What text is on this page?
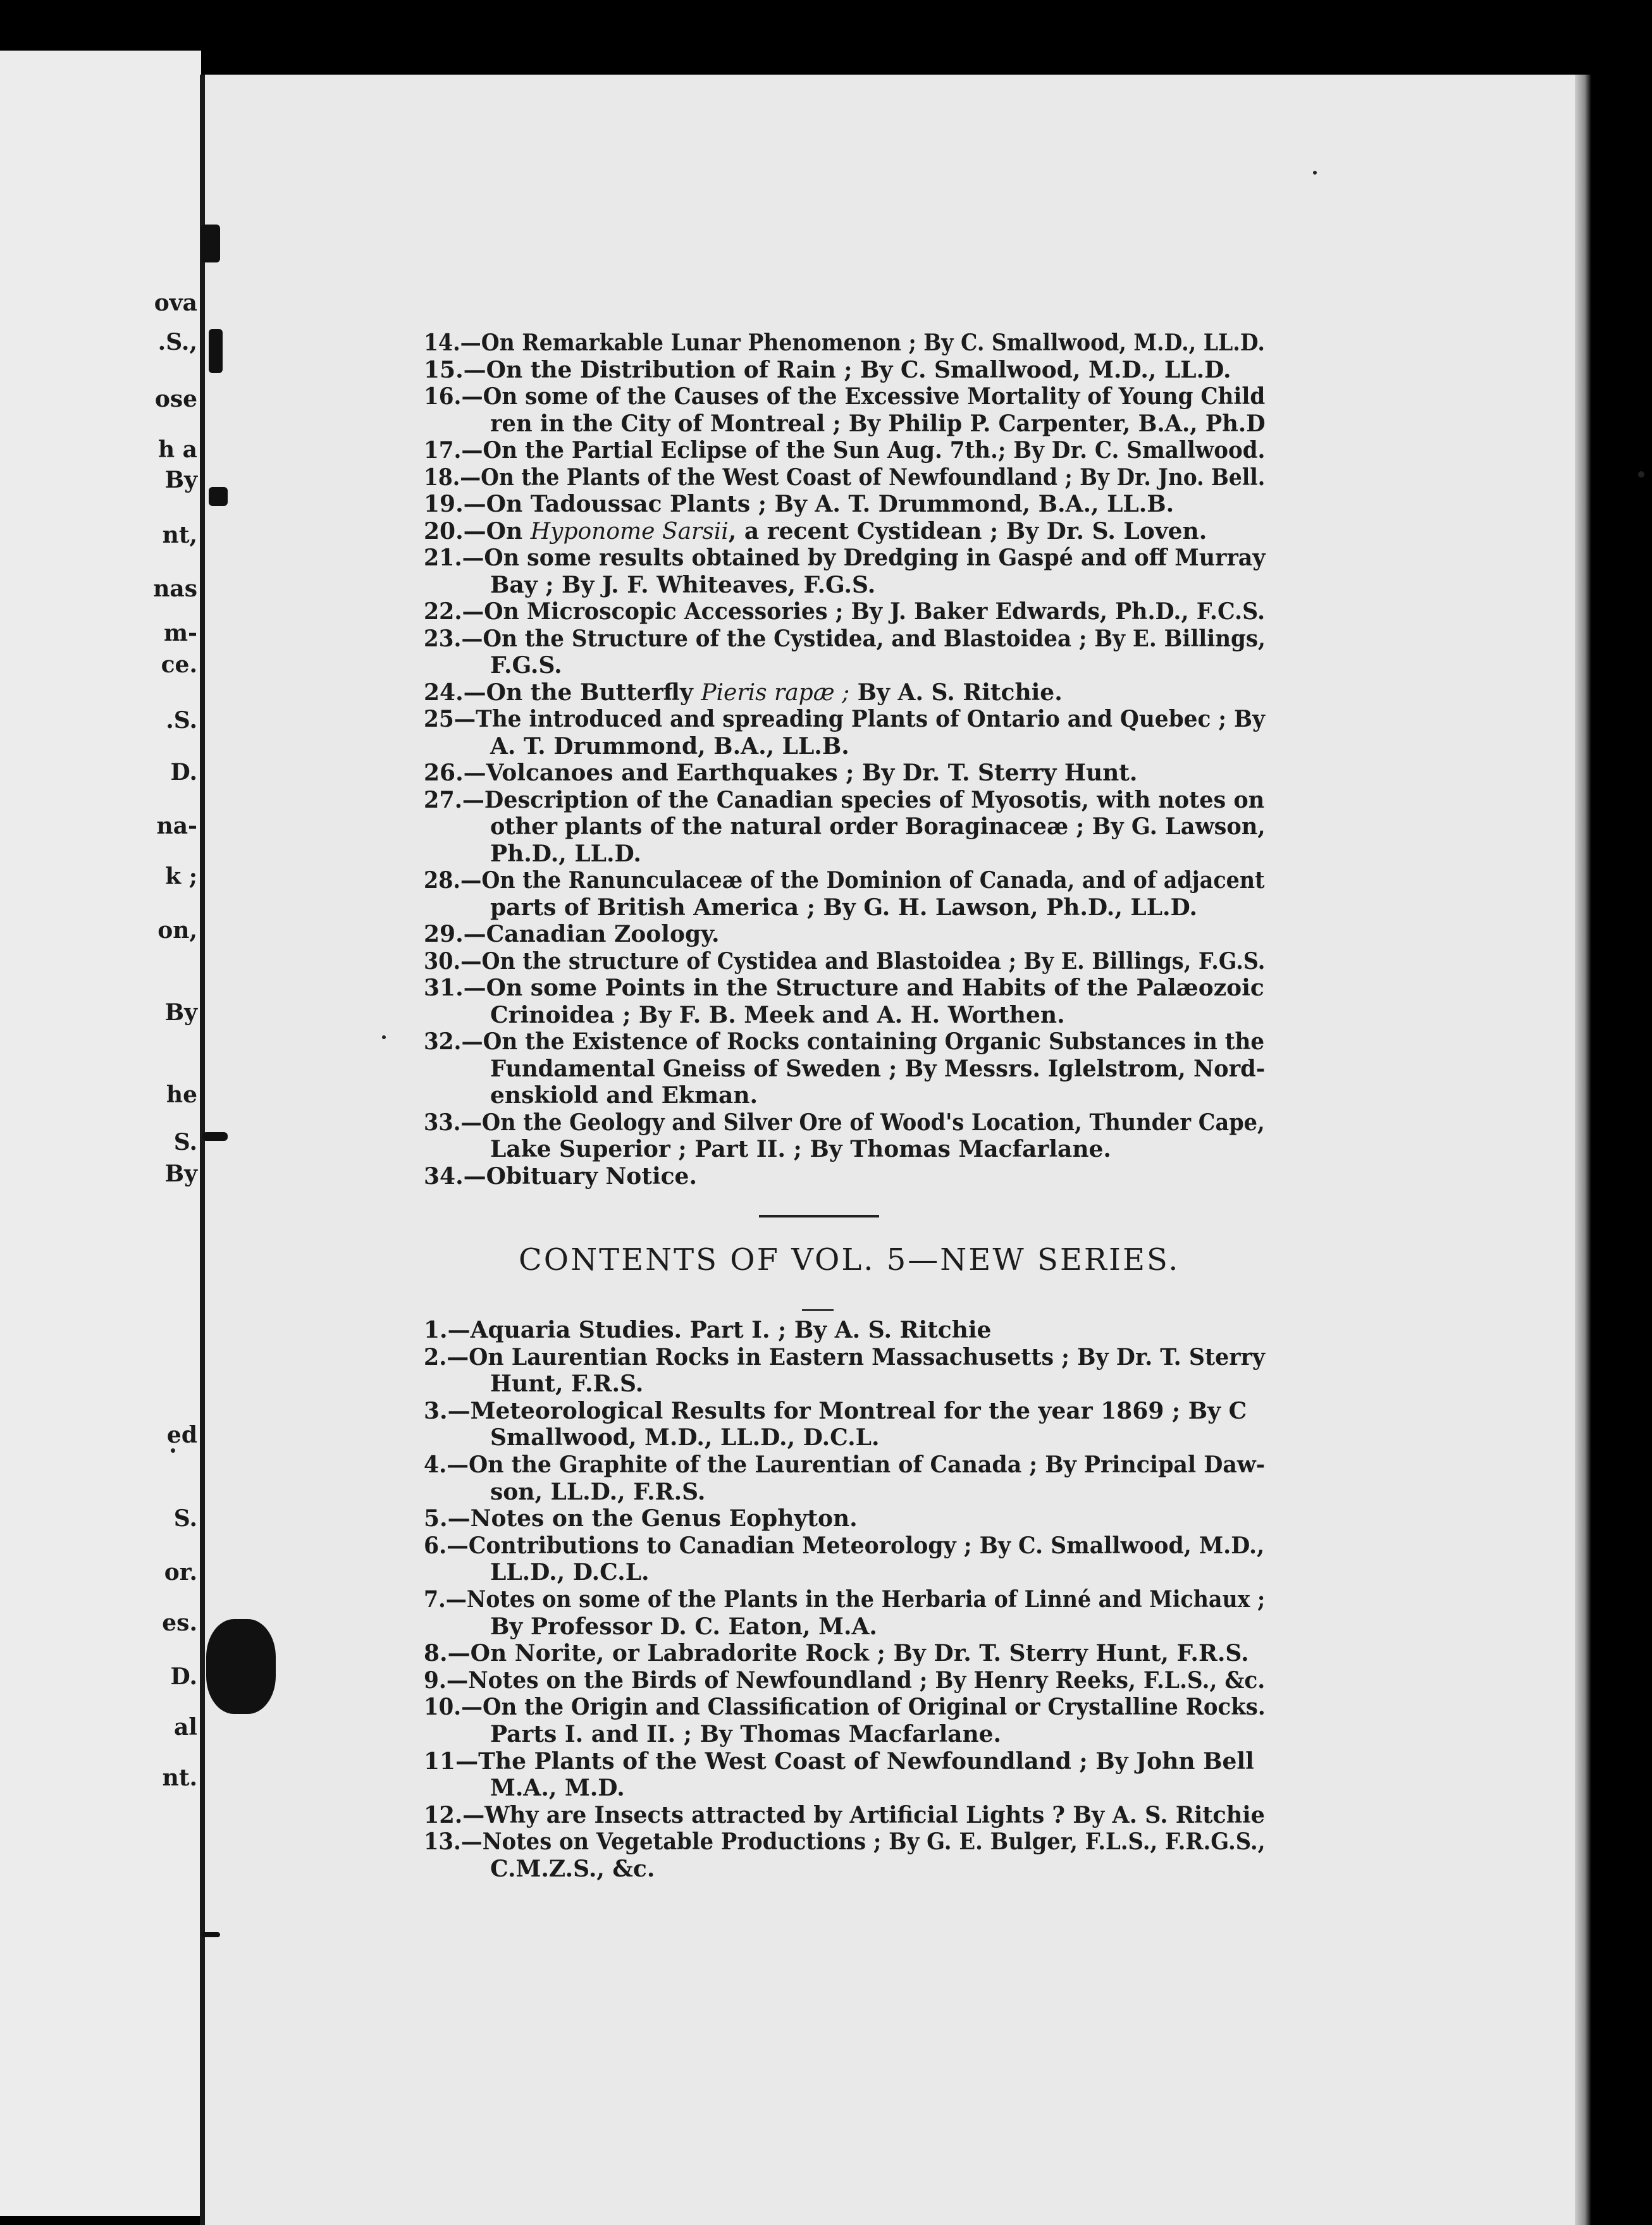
ova
.S.,
ose
h a
By
nt,
nas
m-
ce.
.S.
D.
na-
k ;
on,
By
he
S.
By
ed
S.
or.
es.
D.
al
nt.
14.—On Remarkable Lunar Phenomenon ; By C. Smallwood, M.D., LL.D.
15.—On the Distribution of Rain ; By C. Smallwood, M.D., LL.D.
16.—On some of the Causes of the Excessive Mortality of Young Child
ren in the City of Montreal ; By Philip P. Carpenter, B.A., Ph.D
17.—On the Partial Eclipse of the Sun Aug. 7th.; By Dr. C. Smallwood.
18.—On the Plants of the West Coast of Newfoundland ; By Dr. Jno. Bell.
19.—On Tadoussac Plants ; By A. T. Drummond, B.A., LL.B.
20.—On Hyponome Sarsii, a recent Cystidean ; By Dr. S. Loven.
21.—On some results obtained by Dredging in Gaspé and off Murray
Bay ; By J. F. Whiteaves, F.G.S.
22.—On Microscopic Accessories ; By J. Baker Edwards, Ph.D., F.C.S.
23.—On the Structure of the Cystidea, and Blastoidea ; By E. Billings,
F.G.S.
24.—On the Butterfly Pieris rapæ ; By A. S. Ritchie.
25—The introduced and spreading Plants of Ontario and Quebec ; By
A. T. Drummond, B.A., LL.B.
26.—Volcanoes and Earthquakes ; By Dr. T. Sterry Hunt.
27.—Description of the Canadian species of Myosotis, with notes on
other plants of the natural order Boraginaceæ ; By G. Lawson,
Ph.D., LL.D.
28.—On the Ranunculaceæ of the Dominion of Canada, and of adjacent
parts of British America ; By G. H. Lawson, Ph.D., LL.D.
29.—Canadian Zoology.
30.—On the structure of Cystidea and Blastoidea ; By E. Billings, F.G.S.
31.—On some Points in the Structure and Habits of the Palæozoic
Crinoidea ; By F. B. Meek and A. H. Worthen.
32.—On the Existence of Rocks containing Organic Substances in the
Fundamental Gneiss of Sweden ; By Messrs. Iglelstrom, Nord-
enskiold and Ekman.
33.—On the Geology and Silver Ore of Wood's Location, Thunder Cape,
Lake Superior ; Part II. ; By Thomas Macfarlane.
34.—Obituary Notice.
CONTENTS OF VOL. 5—NEW SERIES.
1.—Aquaria Studies. Part I. ; By A. S. Ritchie
2.—On Laurentian Rocks in Eastern Massachusetts ; By Dr. T. Sterry
Hunt, F.R.S.
3.—Meteorological Results for Montreal for the year 1869 ; By C
Smallwood, M.D., LL.D., D.C.L.
4.—On the Graphite of the Laurentian of Canada ; By Principal Daw-
son, LL.D., F.R.S.
5.—Notes on the Genus Eophyton.
6.—Contributions to Canadian Meteorology ; By C. Smallwood, M.D.,
LL.D., D.C.L.
7.—Notes on some of the Plants in the Herbaria of Linné and Michaux ;
By Professor D. C. Eaton, M.A.
8.—On Norite, or Labradorite Rock ; By Dr. T. Sterry Hunt, F.R.S.
9.—Notes on the Birds of Newfoundland ; By Henry Reeks, F.L.S., &c.
10.—On the Origin and Classification of Original or Crystalline Rocks.
Parts I. and II. ; By Thomas Macfarlane.
11—The Plants of the West Coast of Newfoundland ; By John Bell
M.A., M.D.
12.—Why are Insects attracted by Artificial Lights ? By A. S. Ritchie
13.—Notes on Vegetable Productions ; By G. E. Bulger, F.L.S., F.R.G.S.,
C.M.Z.S., &c.
